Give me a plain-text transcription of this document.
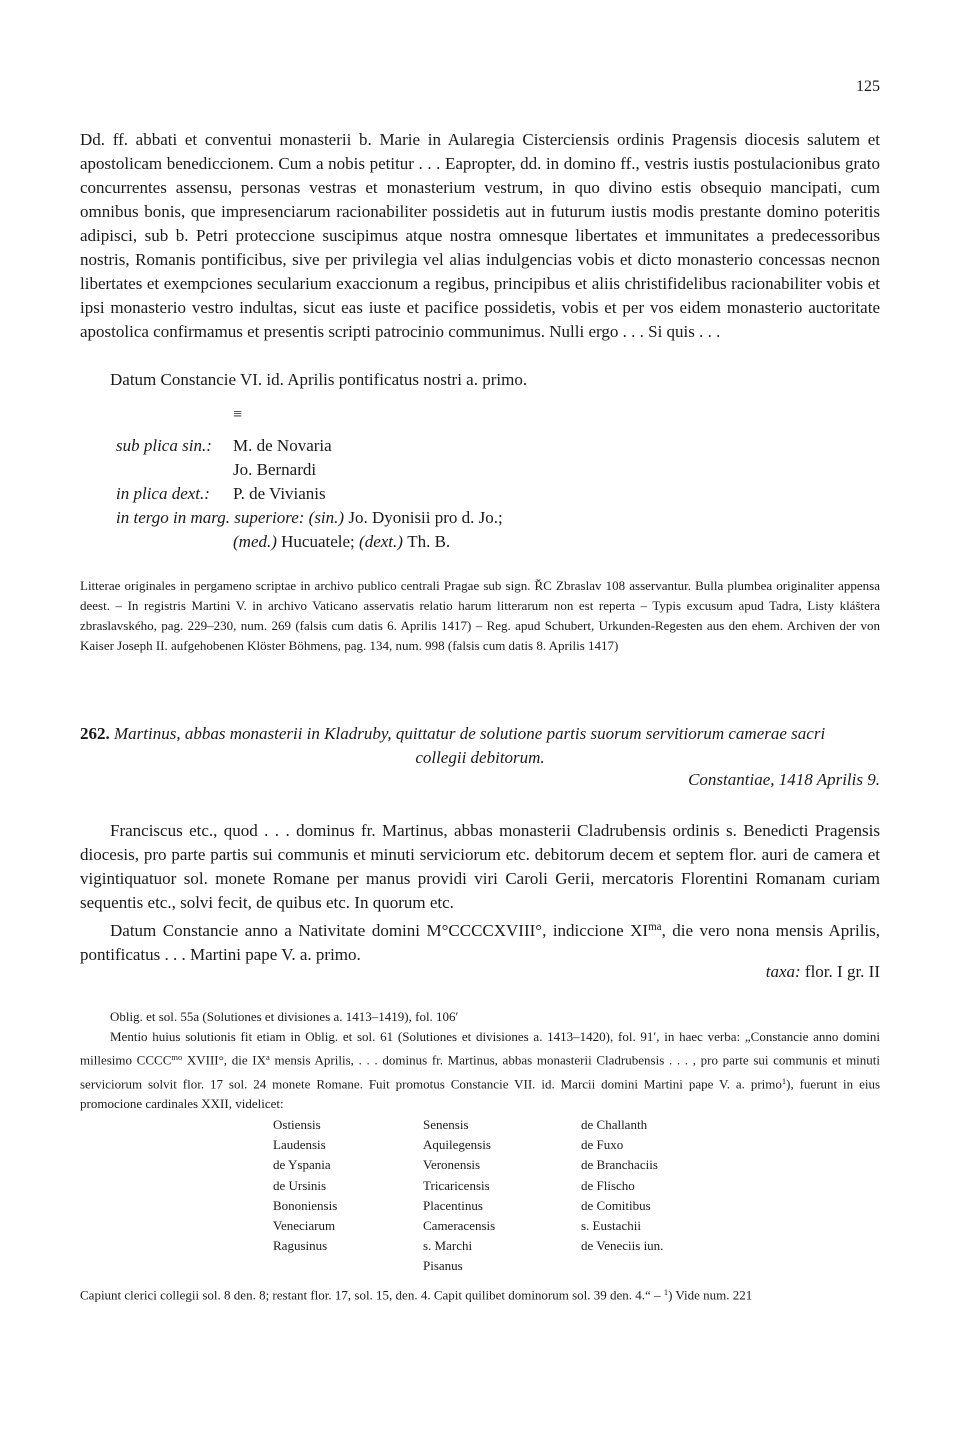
125

Dd. ff. abbati et conventui monasterii b. Marie in Aularegia Cisterciensis ordinis Pragensis diocesis salutem et apostolicam benediccionem. Cum a nobis petitur . . . Eapropter, dd. in domino ff., vestris iustis postulacionibus grato concurrentes assensu, personas vestras et monasterium vestrum, in quo divino estis obsequio mancipati, cum omnibus bonis, que impresenciarum racionabiliter possidetis aut in futurum iustis modis prestante domino poteritis adipisci, sub b. Petri proteccione suscipimus atque nostra omnesque libertates et immunitates a predecessoribus nostris, Romanis pontificibus, sive per privilegia vel alias indulgencias vobis et dicto monasterio concessas necnon libertates et exempciones secularium exaccionum a regibus, principibus et aliis christifidelibus racionabiliter vobis et ipsi monasterio vestro indultas, sicut eas iuste et pacifice possidetis, vobis et per vos eidem monasterio auctoritate apostolica confirmamus et presentis scripti patrocinio communimus. Nulli ergo . . . Si quis . . .

Datum Constancie VI. id. Aprilis pontificatus nostri a. primo.

≡
sub plica sin.:	M. de Novaria
Jo. Bernardi
in plica dext.:	P. de Vivianis
in tergo in marg. superiore: (sin.)
Jo. Dyonisii pro d. Jo.;
(med.)
Hucuatele;
(dext.)
Th. B.

Litterae originales in pergameno scriptae in archivo publico centrali Pragae sub sign. ŘC Zbraslav 108 asservantur. Bulla plumbea originaliter appensa deest. – In registris Martini V. in archivo Vaticano asservatis relatio harum litterarum non est reperta – Typis excusum apud Tadra, Listy kláštera zbraslavského, pag. 229–230, num. 269 (falsis cum datis 6. Aprilis 1417) – Reg. apud Schubert, Urkunden-Regesten aus den ehem. Archiven der von Kaiser Joseph II. aufgehobenen Klöster Böhmens, pag. 134, num. 998 (falsis cum datis 8. Aprilis 1417)

262. Martinus, abbas monasterii in Kladruby, quittatur de solutione partis suorum servitiorum camerae sacri
collegii debitorum.
Constantiae, 1418 Aprilis 9.

Franciscus etc., quod . . . dominus fr. Martinus, abbas monasterii Cladrubensis ordinis s. Benedicti Pragensis diocesis, pro parte partis sui communis et minuti serviciorum etc. debitorum decem et septem flor. auri de camera et vigintiquatuor sol. monete Romane per manus providi viri Caroli Gerii, mercatoris Florentini Romanam curiam sequentis etc., solvi fecit, de quibus etc. In quorum etc.

Datum Constancie anno a Nativitate domini M°CCCCXVIII°, indiccione $XI^{ma}$, die vero nona mensis Aprilis, pontificatus . . . Martini pape V. a. primo.

taxa: flor. I gr. II

Oblig. et sol. 55a (Solutiones et divisiones a. 1413–1419), fol. 106′

Mentio huius solutionis fit etiam in Oblig. et sol. 61 (Solutiones et divisiones a. 1413–1420), fol. 91′, in haec verba: „Constancie anno domini millesimo $CCCC^{mo}$ XVIII°, die $IX^a$ mensis Aprilis, . . . dominus fr. Martinus, abbas monasterii Cladrubensis . . . , pro parte sui communis et minuti serviciorum solvit flor. 17 sol. 24 monete Romane. Fuit promotus Constancie VII. id. Marcii domini Martini pape V. a. primo$^1$), fuerunt in eius promocione cardinales XXII, videlicet:

Ostiensis
Laudensis
de Yspania
de Ursinis
Bononiensis
Veneciarum
Ragusinus
Senensis
Aquilegensis
Veronensis
Tricaricensis
Placentinus
Cameracensis
s. Marchi
Pisanus
de Challanth
de Fuxo
de Branchaciis
de Flischo
de Comitibus
s. Eustachii
de Veneciis iun.

Capiunt clerici collegii sol. 8 den. 8; restant flor. 17, sol. 15, den. 4. Capit quilibet dominorum sol. 39 den. 4.“ – $^1$) Vide num. 221
